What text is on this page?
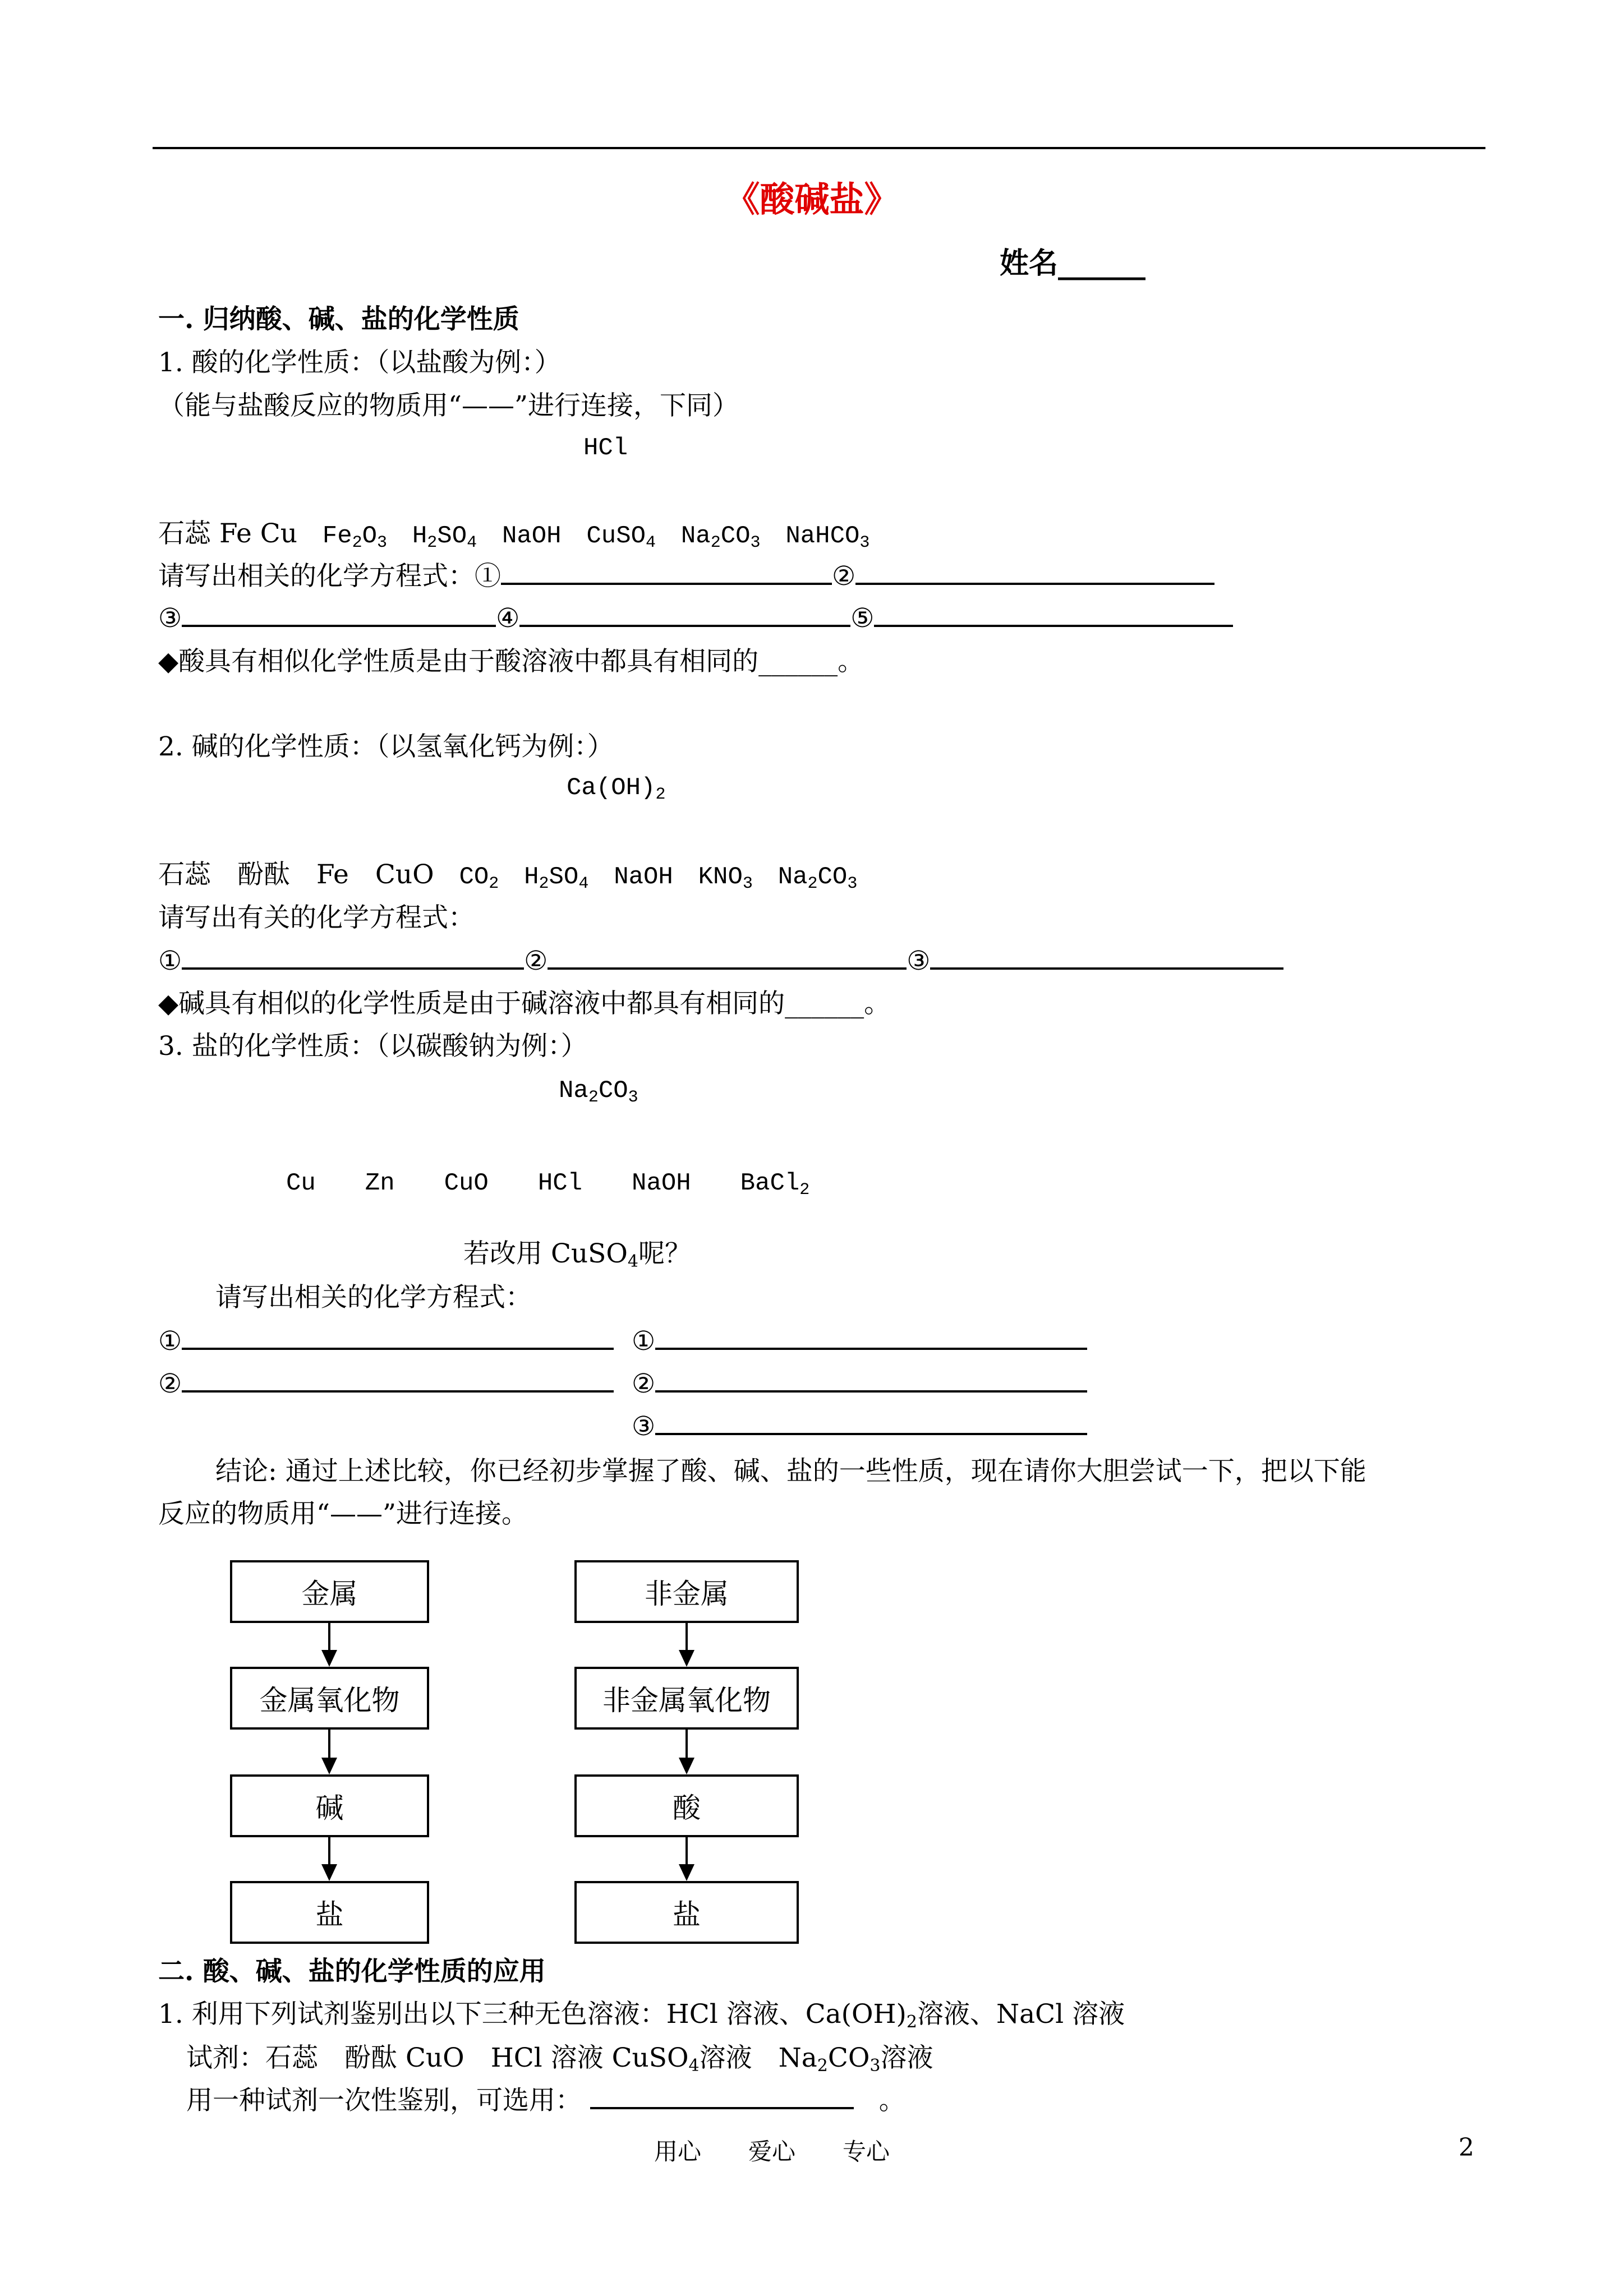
《酸碱盐》
姓名______
一. 归纳酸、碱、盐的化学性质
1. 酸的化学性质：（以盐酸为例：）
（能与盐酸反应的物质用“——”进行连接，下同）
HCl
石蕊 Fe Cu $Fe_2O_3$ $H_2SO_4$ NaOH CuSO$_4$ $Na_2CO_3$ NaHCO$_3$
请写出相关的化学方程式：①	②
③	④	⑤
◆酸具有相似化学性质是由于酸溶液中都具有相同的______。
2. 碱的化学性质：（以氢氧化钙为例：）
$Ca(OH)_2$
石蕊　酚酞　Fe　CuO $CO_2$ $H_2SO_4$ NaOH $KNO_3$ $Na_2CO_3$
请写出有关的化学方程式：
①	②	③
◆碱具有相似的化学性质是由于碱溶液中都具有相同的______。
3. 盐的化学性质：（以碳酸钠为例：）
$Na_2CO_3$
Cu　　Zn　　CuO　　HCl　　NaOH　　BaCl$_2$
若改用 CuSO$_4$呢？
请写出相关的化学方程式：
①
②
①
②
③
结论: 通过上述比较，你已经初步掌握了酸、碱、盐的一些性质，现在请你大胆尝试一下，把以下能
反应的物质用“——”进行连接。
金属
金属氧化物
碱
盐
非金属
非金属氧化物
酸
盐
二. 酸、碱、盐的化学性质的应用
1. 利用下列试剂鉴别出以下三种无色溶液：HCl 溶液、$Ca(OH)_2$溶液、NaCl 溶液
试剂：石蕊　酚酞 CuO　HCl 溶液 CuSO$_4$溶液　$Na_2CO_3$溶液
用一种试剂一次性鉴别，可选用：	。
用心　　爱心　　专心	2
